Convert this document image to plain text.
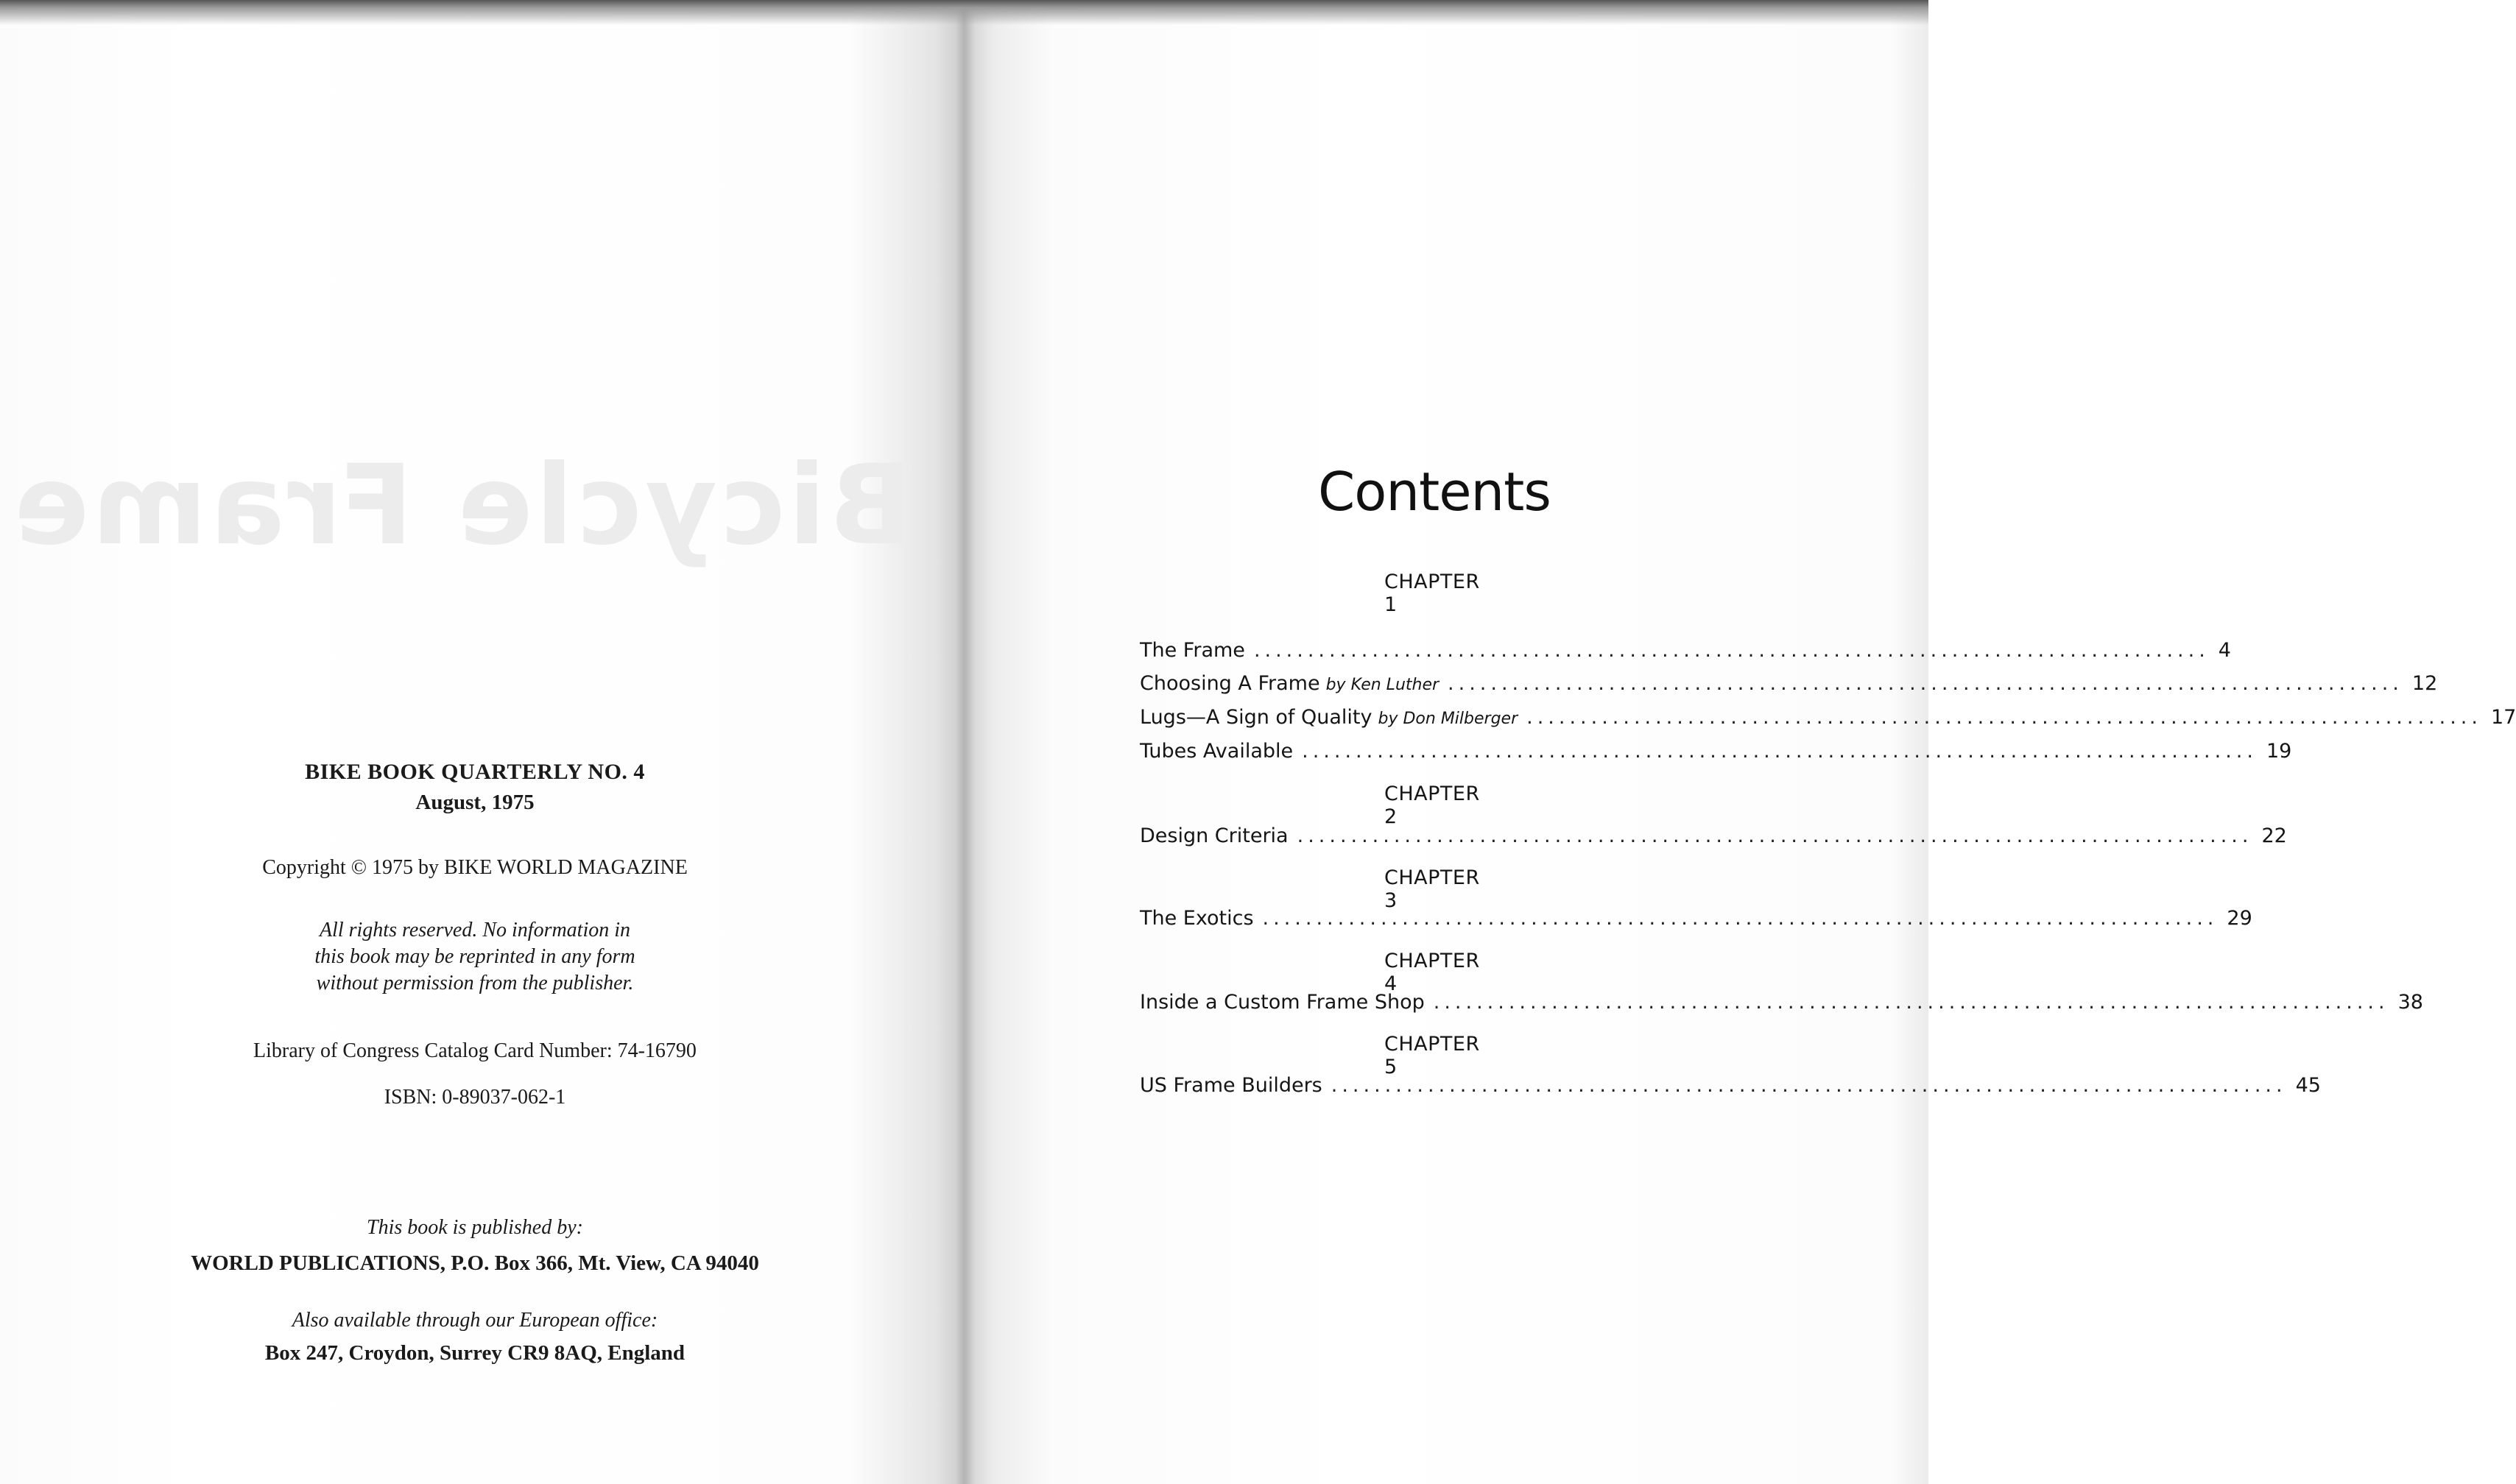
Bicycle Frame
BIKE BOOK QUARTERLY NO. 4
August, 1975
Copyright © 1975 by BIKE WORLD MAGAZINE
All rights reserved. No information in
this book may be reprinted in any form
without permission from the publisher.
Library of Congress Catalog Card Number: 74-16790
ISBN: 0-89037-062-1
This book is published by:
WORLD PUBLICATIONS, P.O. Box 366, Mt. View, CA 94040
Also available through our European office:
Box 247, Croydon, Surrey CR9 8AQ, England
Contents
CHAPTER 1
The Frame ......................................................................................... 4
Choosing A Frame by Ken Luther ......................................................................................... 12
Lugs—A Sign of Quality by Don Milberger ......................................................................................... 17
Tubes Available ......................................................................................... 19
CHAPTER 2
Design Criteria ......................................................................................... 22
CHAPTER 3
The Exotics ......................................................................................... 29
CHAPTER 4
Inside a Custom Frame Shop ......................................................................................... 38
CHAPTER 5
US Frame Builders ......................................................................................... 45
